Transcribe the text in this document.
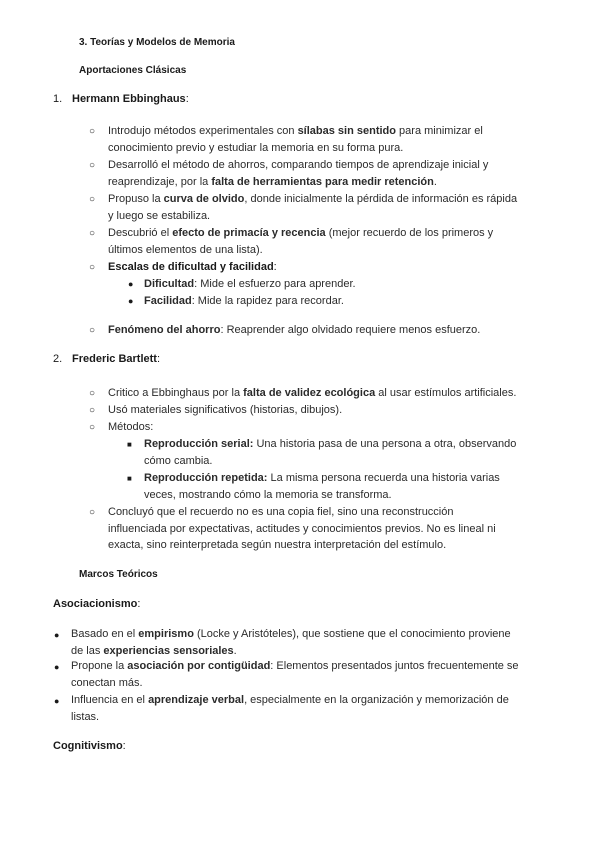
3. Teorías y Modelos de Memoria
Aportaciones Clásicas
1. Hermann Ebbinghaus:
○ Introdujo métodos experimentales con sílabas sin sentido para minimizar el
conocimiento previo y estudiar la memoria en su forma pura.
○ Desarrolló el método de ahorros, comparando tiempos de aprendizaje inicial y
reaprendizaje, por la falta de herramientas para medir retención.
○ Propuso la curva de olvido, donde inicialmente la pérdida de información es rápida
y luego se estabiliza.
○ Descubrió el efecto de primacía y recencia (mejor recuerdo de los primeros y
últimos elementos de una lista).
○ Escalas de dificultad y facilidad:
● Dificultad: Mide el esfuerzo para aprender.
● Facilidad: Mide la rapidez para recordar.
○ Fenómeno del ahorro: Reaprender algo olvidado requiere menos esfuerzo.
2. Frederic Bartlett:
○ Critico a Ebbinghaus por la falta de validez ecológica al usar estímulos artificiales.
○ Usó materiales significativos (historias, dibujos).
○ Métodos:
■ Reproducción serial: Una historia pasa de una persona a otra, observando
cómo cambia.
■ Reproducción repetida: La misma persona recuerda una historia varias
veces, mostrando cómo la memoria se transforma.
○ Concluyó que el recuerdo no es una copia fiel, sino una reconstrucción
influenciada por expectativas, actitudes y conocimientos previos. No es lineal ni
exacta, sino reinterpretada según nuestra interpretación del estímulo.
Marcos Teóricos
Asociacionismo:
● Basado en el empirismo (Locke y Aristóteles), que sostiene que el conocimiento proviene
de las experiencias sensoriales.
● Propone la asociación por contigüidad: Elementos presentados juntos frecuentemente se
conectan más.
● Influencia en el aprendizaje verbal, especialmente en la organización y memorización de
listas.
Cognitivismo:
